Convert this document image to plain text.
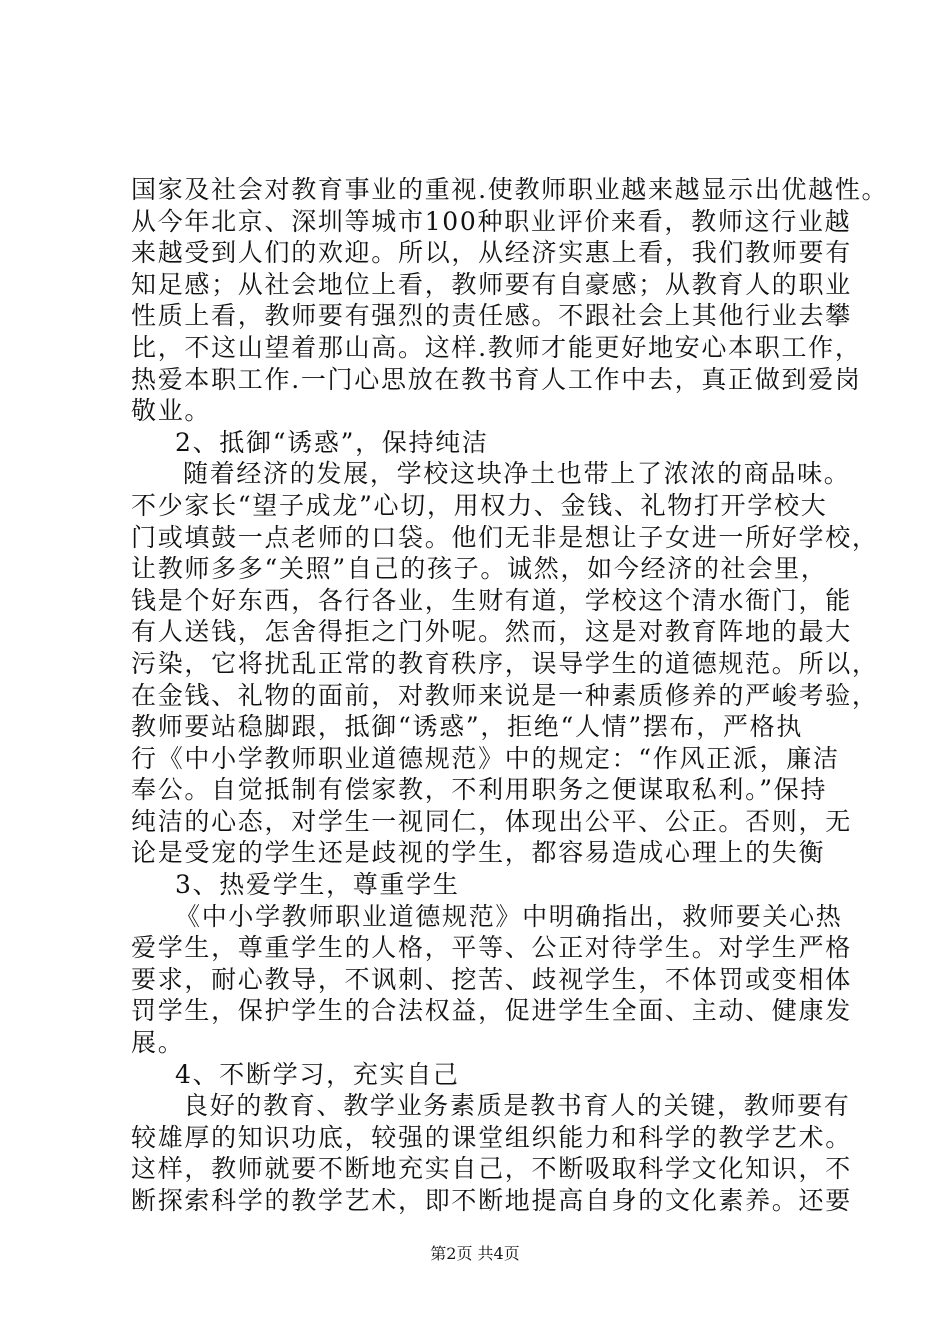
国家及社会对教育事业的重视.使教师职业越来越显示出优越性。
从今年北京、深圳等城市100种职业评价来看，教师这行业越
来越受到人们的欢迎。所以，从经济实惠上看，我们教师要有
知足感；从社会地位上看，教师要有自豪感；从教育人的职业
性质上看，教师要有强烈的责任感。不跟社会上其他行业去攀
比，不这山望着那山高。这样.教师才能更好地安心本职工作，
热爱本职工作.一门心思放在教书育人工作中去，真正做到爱岗
敬业。
2、抵御“诱惑”，保持纯洁
随着经济的发展，学校这块净土也带上了浓浓的商品味。
不少家长“望子成龙”心切，用权力、金钱、礼物打开学校大
门或填鼓一点老师的口袋。他们无非是想让子女进一所好学校，
让教师多多“关照”自己的孩子。诚然，如今经济的社会里，
钱是个好东西，各行各业，生财有道，学校这个清水衙门，能
有人送钱，怎舍得拒之门外呢。然而，这是对教育阵地的最大
污染，它将扰乱正常的教育秩序，误导学生的道德规范。所以，
在金钱、礼物的面前，对教师来说是一种素质修养的严峻考验，
教师要站稳脚跟，抵御“诱惑”，拒绝“人情”摆布，严格执
行《中小学教师职业道德规范》中的规定：“作风正派，廉洁
奉公。自觉抵制有偿家教，不利用职务之便谋取私利。”保持
纯洁的心态，对学生一视同仁，体现出公平、公正。否则，无
论是受宠的学生还是歧视的学生，都容易造成心理上的失衡
3、热爱学生，尊重学生
《中小学教师职业道德规范》中明确指出，救师要关心热
爱学生，尊重学生的人格，平等、公正对待学生。对学生严格
要求，耐心教导，不讽刺、挖苦、歧视学生，不体罚或变相体
罚学生，保护学生的合法权益，促进学生全面、主动、健康发
展。
4、不断学习，充实自己
良好的教育、教学业务素质是教书育人的关键，教师要有
较雄厚的知识功底，较强的课堂组织能力和科学的教学艺术。
这样，教师就要不断地充实自己，不断吸取科学文化知识，不
断探索科学的教学艺术，即不断地提高自身的文化素养。还要
第2页 共4页
